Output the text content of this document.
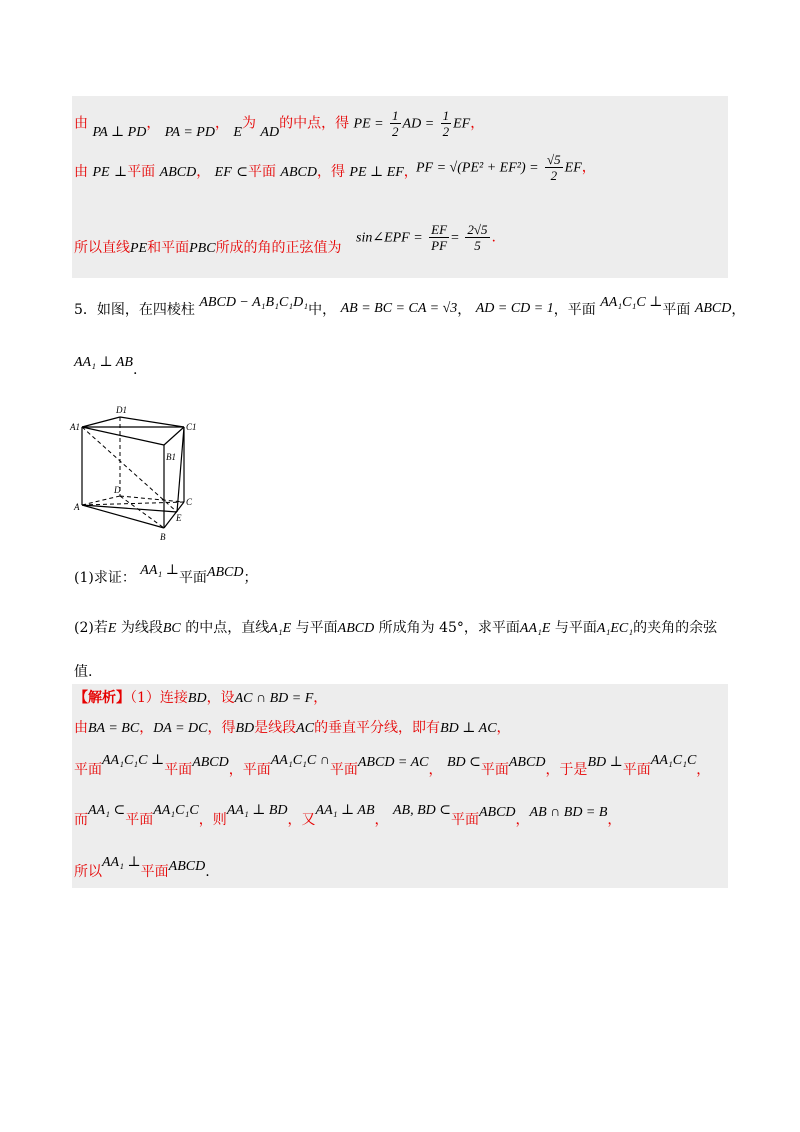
由 PA ⊥ PD， PA = PD， E为 AD的中点，得 PE = $\frac{1}{2}$ AD = $\frac{1}{2}$ EF，
由 PE ⊥平面 ABCD， EF ⊂平面 ABCD，得 PE ⊥ EF，
PF = $√(PE^2 + EF^2) = \frac{√5}{2}$ EF，
所以直线PE和平面PBC所成的角的正弦值为
sin∠EPF = $\frac{EF}{PF} = \frac{2√5}{5}$ .
5．如图，在四棱柱 ABCD − A₁B₁C₁D₁中， AB = BC = CA = √3， AD = CD = 1，平面 AA₁C₁C ⊥平面 ABCD，
AA₁ ⊥ AB.
D1
A1	C1
B1
D
C
A
E
B
(1)求证： AA₁ ⊥平面ABCD；
(2)若E 为线段BC 的中点，直线A₁E 与平面ABCD 所成角为 45°，求平面AA₁E 与平面A₁EC₁的夹角的余弦
值.
【解析】（1）连接BD，设AC ∩ BD = F，
由BA = BC，DA = DC，得BD是线段AC的垂直平分线，即有BD ⊥ AC，
平面AA₁C₁C ⊥平面ABCD，平面AA₁C₁C ∩平面ABCD = AC， BD ⊂平面ABCD，于是BD ⊥平面AA₁C₁C，
而AA₁ ⊂平面AA₁C₁C，则AA₁ ⊥ BD，又AA₁ ⊥ AB， AB, BD ⊂平面ABCD，AB ∩ BD = B，
所以AA₁ ⊥平面ABCD.
